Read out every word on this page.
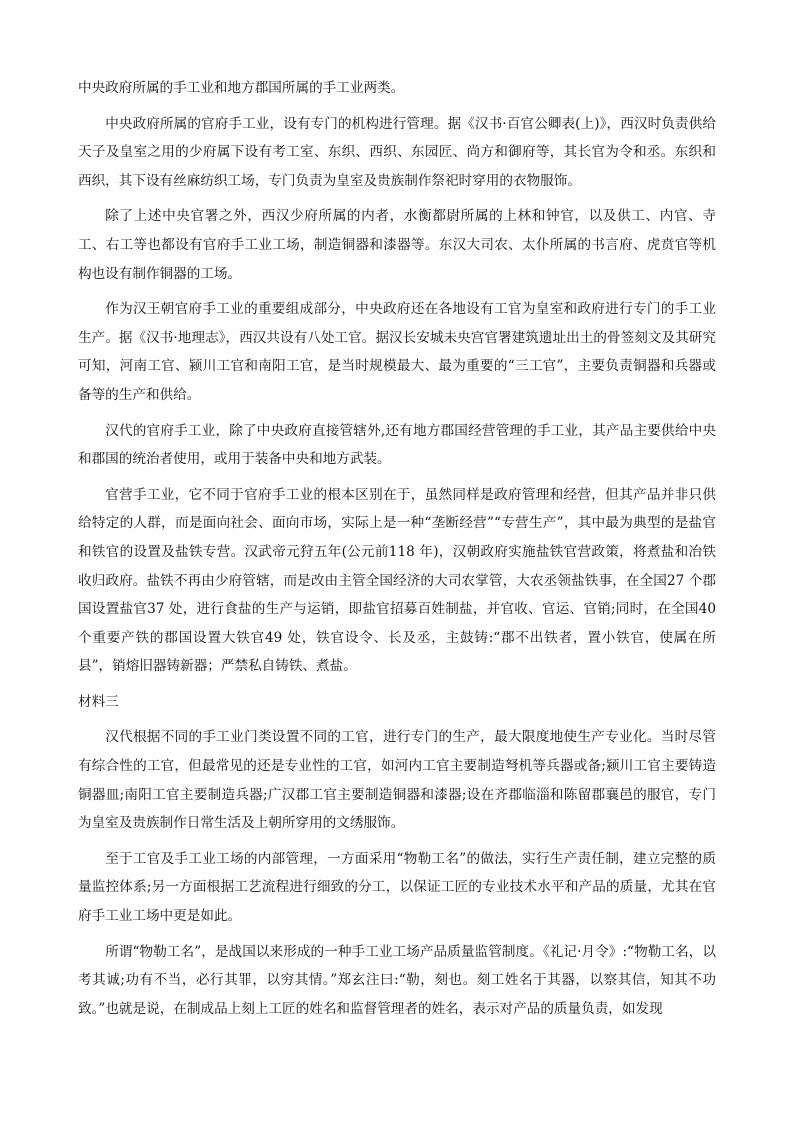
中央政府所属的手工业和地方郡国所属的手工业两类。

中央政府所属的官府手工业，设有专门的机构进行管理。据《汉书·百官公卿表(上)》，西汉时负责供给天子及皇室之用的少府属下设有考工室、东织、西织、东园匠、尚方和御府等，其长官为令和丞。东织和西织，其下设有丝麻纺织工场，专门负责为皇室及贵族制作祭祀时穿用的衣物服饰。

除了上述中央官署之外，西汉少府所属的内者，水衡都尉所属的上林和钟官，以及供工、内官、寺工、右工等也都设有官府手工业工场，制造铜器和漆器等。东汉大司农、太仆所属的书言府、虎贲官等机构也设有制作铜器的工场。

作为汉王朝官府手工业的重要组成部分，中央政府还在各地设有工官为皇室和政府进行专门的手工业生产。据《汉书·地理志》，西汉共设有八处工官。据汉长安城未央宫官署建筑遗址出土的骨签刻文及其研究可知，河南工官、颍川工官和南阳工官，是当时规模最大、最为重要的“三工官”，主要负责铜器和兵器或备等的生产和供给。

汉代的官府手工业，除了中央政府直接管辖外,还有地方郡国经营管理的手工业，其产品主要供给中央和郡国的统治者使用，或用于装备中央和地方武装。

官营手工业，它不同于官府手工业的根本区别在于，虽然同样是政府管理和经营，但其产品并非只供给特定的人群，而是面向社会、面向市场，实际上是一种“垄断经营”“专营生产”，其中最为典型的是盐官和铁官的设置及盐铁专营。汉武帝元狩五年(公元前118 年)，汉朝政府实施盐铁官营政策，将煮盐和冶铁收归政府。盐铁不再由少府管辖，而是改由主管全国经济的大司农掌管，大农丞领盐铁事，在全国27 个郡国设置盐官37 处，进行食盐的生产与运销，即盐官招募百姓制盐，并官收、官运、官销;同时，在全国40个重要产铁的郡国设置大铁官49 处，铁官设令、长及丞，主鼓铸:“郡不出铁者，置小铁官，使属在所县”，销熔旧器铸新器；严禁私自铸铁、煮盐。

材料三

汉代根据不同的手工业门类设置不同的工官，进行专门的生产，最大限度地使生产专业化。当时尽管有综合性的工官，但最常见的还是专业性的工官，如河内工官主要制造弩机等兵器或备;颍川工官主要铸造铜器皿;南阳工官主要制造兵器;广汉郡工官主要制造铜器和漆器;设在齐郡临淄和陈留郡襄邑的服官，专门为皇室及贵族制作日常生活及上朝所穿用的文绣服饰。

至于工官及手工业工场的内部管理，一方面采用“物勒工名”的做法，实行生产责任制，建立完整的质量监控体系;另一方面根据工艺流程进行细致的分工，以保证工匠的专业技术水平和产品的质量，尤其在官府手工业工场中更是如此。

所谓“物勒工名”，是战国以来形成的一种手工业工场产品质量监管制度。《礼记·月令》:“物勒工名，以考其诚;功有不当，必行其罪，以穷其情。”郑玄注曰:“勒，刻也。刻工姓名于其器，以察其信，知其不功致。”也就是说，在制成品上刻上工匠的姓名和监督管理者的姓名，表示对产品的质量负责，如发现
